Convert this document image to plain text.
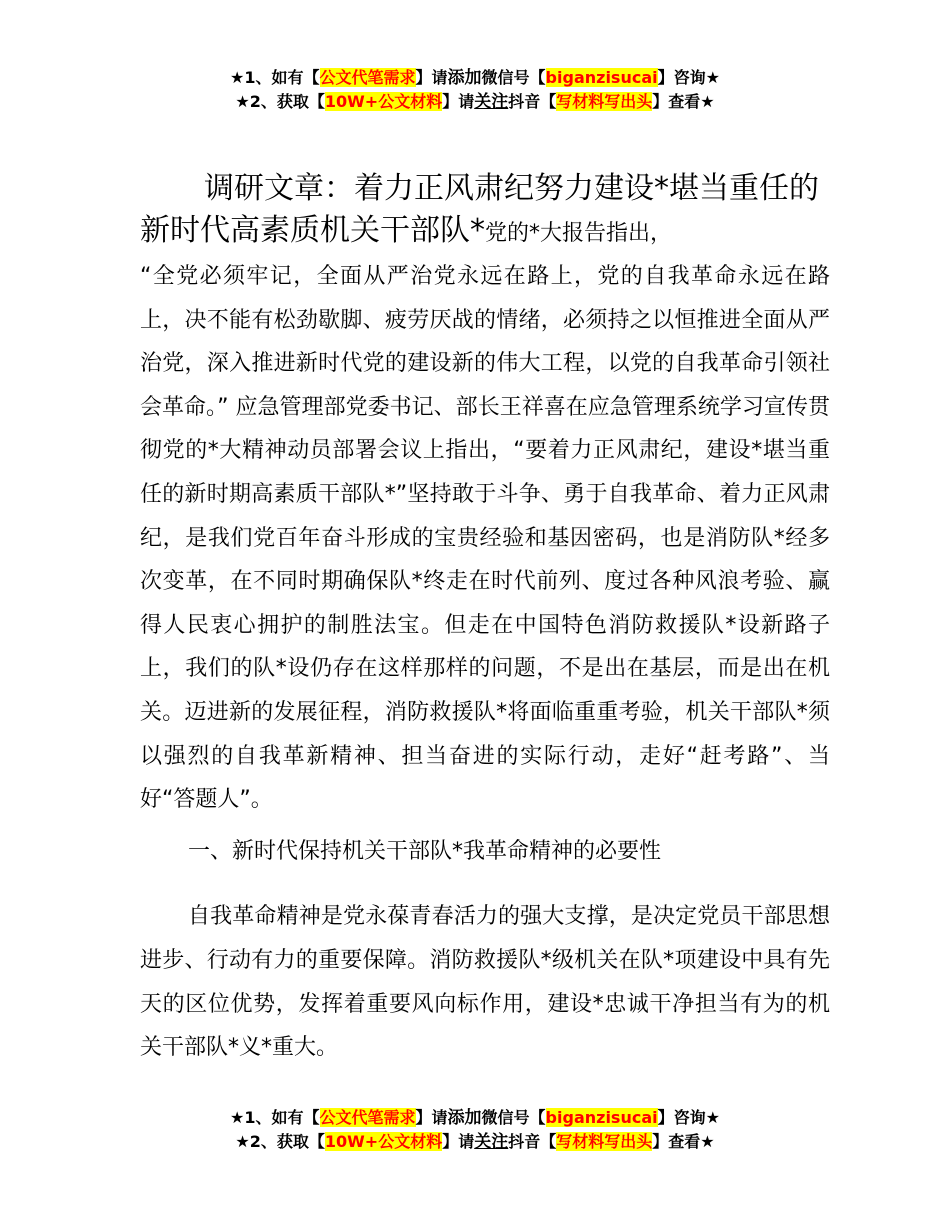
★1、如有【公文代笔需求】请添加微信号【biganzisucai】咨询★
★2、获取【10W+公文材料】请关注抖音【写材料写出头】查看★
调研文章：着力正风肃纪努力建设*堪当重任的新时代高素质机关干部队*党的*大报告指出，

“全党必须牢记，全面从严治党永远在路上，党的自我革命永远在路上，决不能有松劲歇脚、疲劳厌战的情绪，必须持之以恒推进全面从严治党，深入推进新时代党的建设新的伟大工程，以党的自我革命引领社会革命。” 应急管理部党委书记、部长王祥喜在应急管理系统学习宣传贯彻党的*大精神动员部署会议上指出，“要着力正风肃纪，建设*堪当重任的新时期高素质干部队*”坚持敢于斗争、勇于自我革命、着力正风肃纪，是我们党百年奋斗形成的宝贵经验和基因密码，也是消防队*经多次变革，在不同时期确保队*终走在时代前列、度过各种风浪考验、赢得人民衷心拥护的制胜法宝。但走在中国特色消防救援队*设新路子上，我们的队*设仍存在这样那样的问题，不是出在基层，而是出在机关。迈进新的发展征程，消防救援队*将面临重重考验，机关干部队*须以强烈的自我革新精神、担当奋进的实际行动，走好“赶考路”、当好“答题人”。

一、新时代保持机关干部队*我革命精神的必要性

自我革命精神是党永葆青春活力的强大支撑，是决定党员干部思想进步、行动有力的重要保障。消防救援队*级机关在队*项建设中具有先天的区位优势，发挥着重要风向标作用，建设*忠诚干净担当有为的机关干部队*义*重大。

★1、如有【公文代笔需求】请添加微信号【biganzisucai】咨询★
★2、获取【10W+公文材料】请关注抖音【写材料写出头】查看★
